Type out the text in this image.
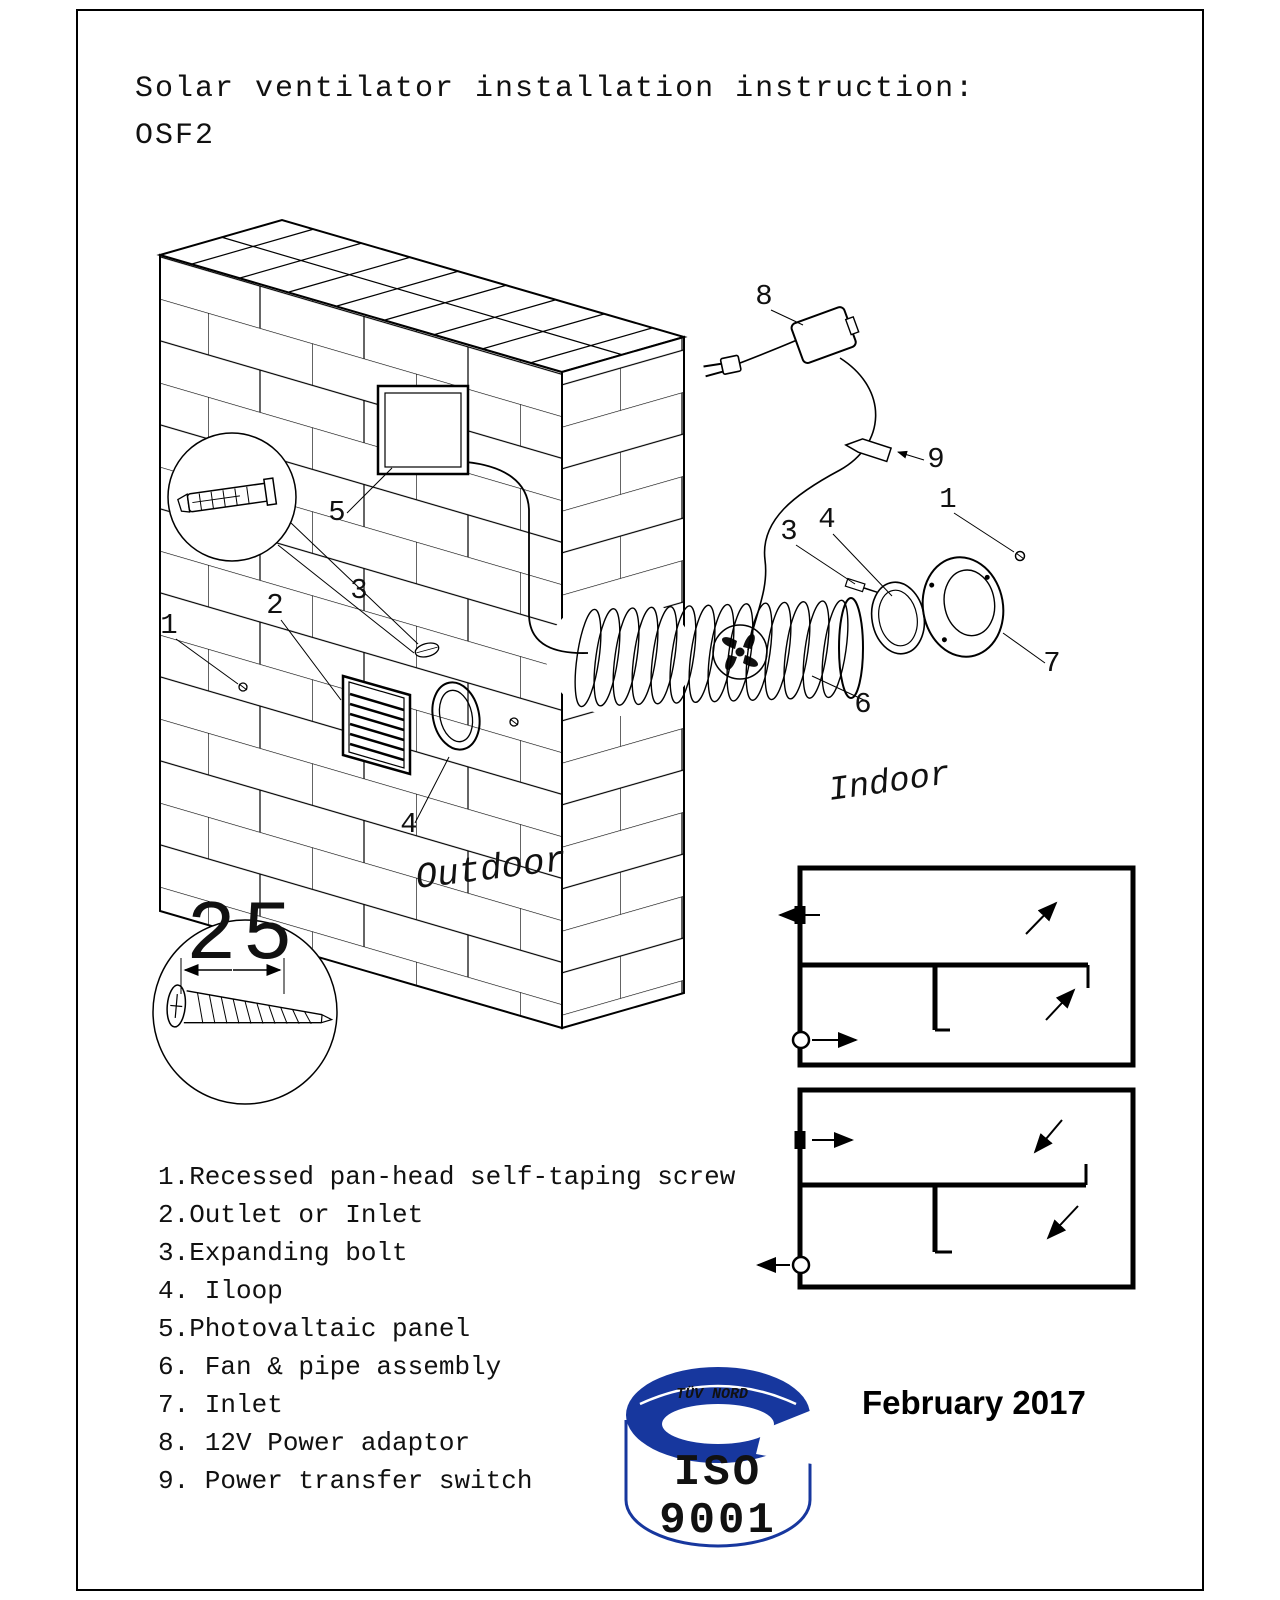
Solar ventilator installation instruction:
OSF2
1
2 3
5
4
8
9
1
3 4
6
7
Outdoor
Indoor
25
TÜV NORD
ISO
9001
1.Recessed pan-head self-taping screw
2.Outlet or Inlet
3.Expanding bolt
4. Iloop
5.Photovaltaic panel
6. Fan & pipe assembly
7. Inlet
8. 12V Power adaptor
9. Power transfer switch
February 2017
